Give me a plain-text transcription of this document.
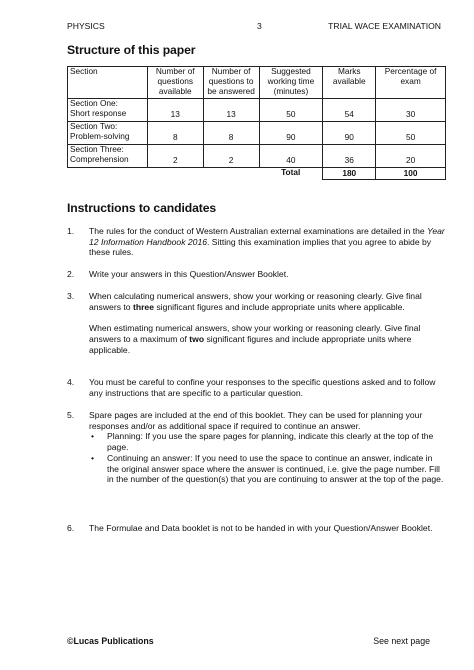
PHYSICS	3	TRIAL WACE EXAMINATION
Structure of this paper
Section	Number of questions available	Number of questions to be answered	Suggested working time (minutes)	Marks available	Percentage of exam

Section One:
Short response	13	13	50	54	30

Section Two:
Problem-solving	8	8	90	90	50

Section Three:
Comprehension	2	2	40	36	20
			Total	180	100
Instructions to candidates
1. The rules for the conduct of Western Australian external examinations are detailed in the Year 12 Information Handbook 2016. Sitting this examination implies that you agree to abide by these rules.

2. Write your answers in this Question/Answer Booklet.

3. When calculating numerical answers, show your working or reasoning clearly. Give final answers to three significant figures and include appropriate units where applicable.

When estimating numerical answers, show your working or reasoning clearly. Give final answers to a maximum of two significant figures and include appropriate units where applicable.

4. You must be careful to confine your responses to the specific questions asked and to follow any instructions that are specific to a particular question.

5. Spare pages are included at the end of this booklet. They can be used for planning your responses and/or as additional space if required to continue an answer.

• Planning: If you use the spare pages for planning, indicate this clearly at the top of the page.
• Continuing an answer: If you need to use the space to continue an answer, indicate in the original answer space where the answer is continued, i.e. give the page number. Fill in the number of the question(s) that you are continuing to answer at the top of the page.
6. The Formulae and Data booklet is not to be handed in with your Question/Answer Booklet.

©Lucas Publications	See next page
